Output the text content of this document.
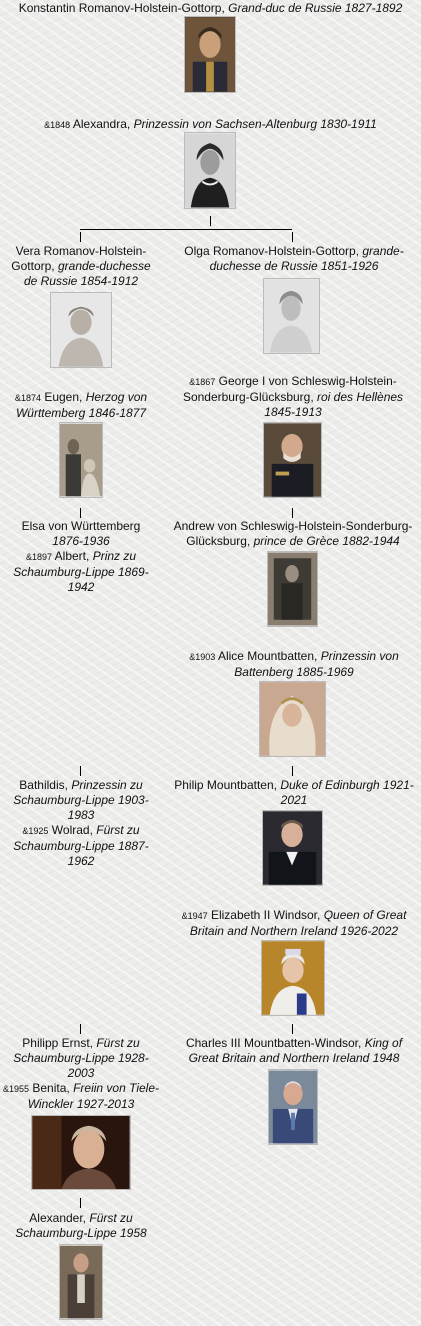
Konstantin Romanov-Holstein-Gottorp, Grand-duc de Russie 1827-1892
&1848 Alexandra, Prinzessin von Sachsen-Altenburg 1830-1911
Vera Romanov-Holstein-Gottorp, grande-duchesse de Russie 1854-1912
&1874 Eugen, Herzog von Württemberg 1846-1877
Elsa von Württemberg 1876-1936
&1897 Albert, Prinz zu Schaumburg-Lippe 1869-1942
Bathildis, Prinzessin zu Schaumburg-Lippe 1903-1983
&1925 Wolrad, Fürst zu Schaumburg-Lippe 1887-1962
Philipp Ernst, Fürst zu Schaumburg-Lippe 1928-2003
&1955 Benita, Freiin von Tiele-Winckler 1927-2013
Alexander, Fürst zu Schaumburg-Lippe 1958
Olga Romanov-Holstein-Gottorp, grande-duchesse de Russie 1851-1926
&1867 George I von Schleswig-Holstein-Sonderburg-Glücksburg, roi des Hellènes 1845-1913
Andrew von Schleswig-Holstein-Sonderburg-Glücksburg, prince de Grèce 1882-1944
&1903 Alice Mountbatten, Prinzessin von Battenberg 1885-1969
Philip Mountbatten, Duke of Edinburgh 1921-2021
&1947 Elizabeth II Windsor, Queen of Great Britain and Northern Ireland 1926-2022
Charles III Mountbatten-Windsor, King of Great Britain and Northern Ireland 1948
